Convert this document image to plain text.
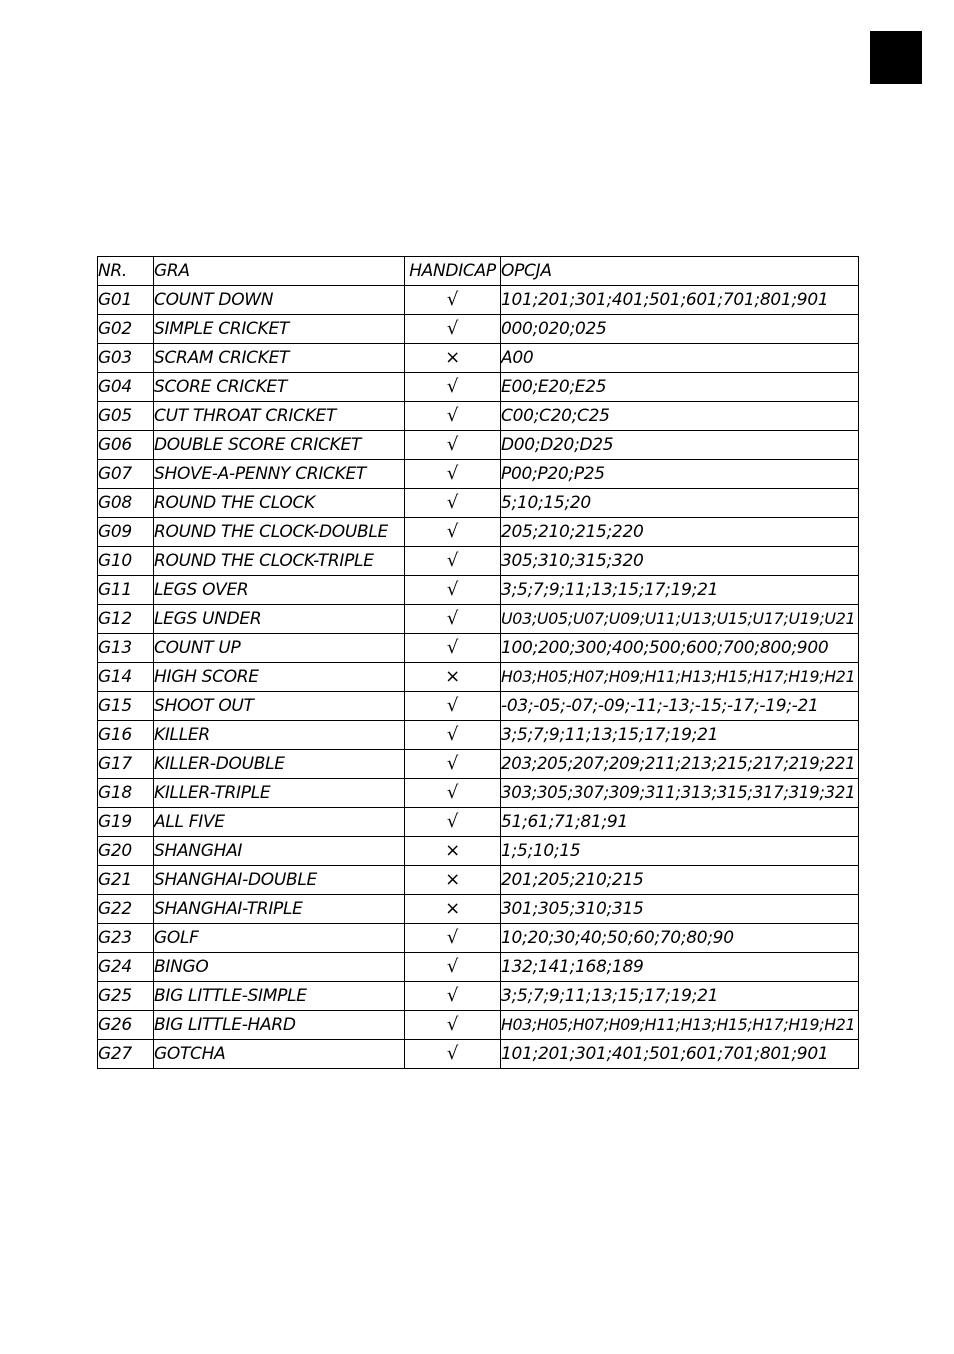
NR.	GRA	HANDICAP	OPCJA
G01	COUNT DOWN	√	101;201;301;401;501;601;701;801;901
G02	SIMPLE CRICKET	√	000;020;025
G03	SCRAM CRICKET	×	A00
G04	SCORE CRICKET	√	E00;E20;E25
G05	CUT THROAT CRICKET	√	C00;C20;C25
G06	DOUBLE SCORE CRICKET	√	D00;D20;D25
G07	SHOVE-A-PENNY CRICKET	√	P00;P20;P25
G08	ROUND THE CLOCK	√	5;10;15;20
G09	ROUND THE CLOCK-DOUBLE	√	205;210;215;220
G10	ROUND THE CLOCK-TRIPLE	√	305;310;315;320
G11	LEGS OVER	√	3;5;7;9;11;13;15;17;19;21
G12	LEGS UNDER	√	U03;U05;U07;U09;U11;U13;U15;U17;U19;U21
G13	COUNT UP	√	100;200;300;400;500;600;700;800;900
G14	HIGH SCORE	×	H03;H05;H07;H09;H11;H13;H15;H17;H19;H21
G15	SHOOT OUT	√	-03;-05;-07;-09;-11;-13;-15;-17;-19;-21
G16	KILLER	√	3;5;7;9;11;13;15;17;19;21
G17	KILLER-DOUBLE	√	203;205;207;209;211;213;215;217;219;221
G18	KILLER-TRIPLE	√	303;305;307;309;311;313;315;317;319;321
G19	ALL FIVE	√	51;61;71;81;91
G20	SHANGHAI	×	1;5;10;15
G21	SHANGHAI-DOUBLE	×	201;205;210;215
G22	SHANGHAI-TRIPLE	×	301;305;310;315
G23	GOLF	√	10;20;30;40;50;60;70;80;90
G24	BINGO	√	132;141;168;189
G25	BIG LITTLE-SIMPLE	√	3;5;7;9;11;13;15;17;19;21
G26	BIG LITTLE-HARD	√	H03;H05;H07;H09;H11;H13;H15;H17;H19;H21
G27	GOTCHA	√	101;201;301;401;501;601;701;801;901
